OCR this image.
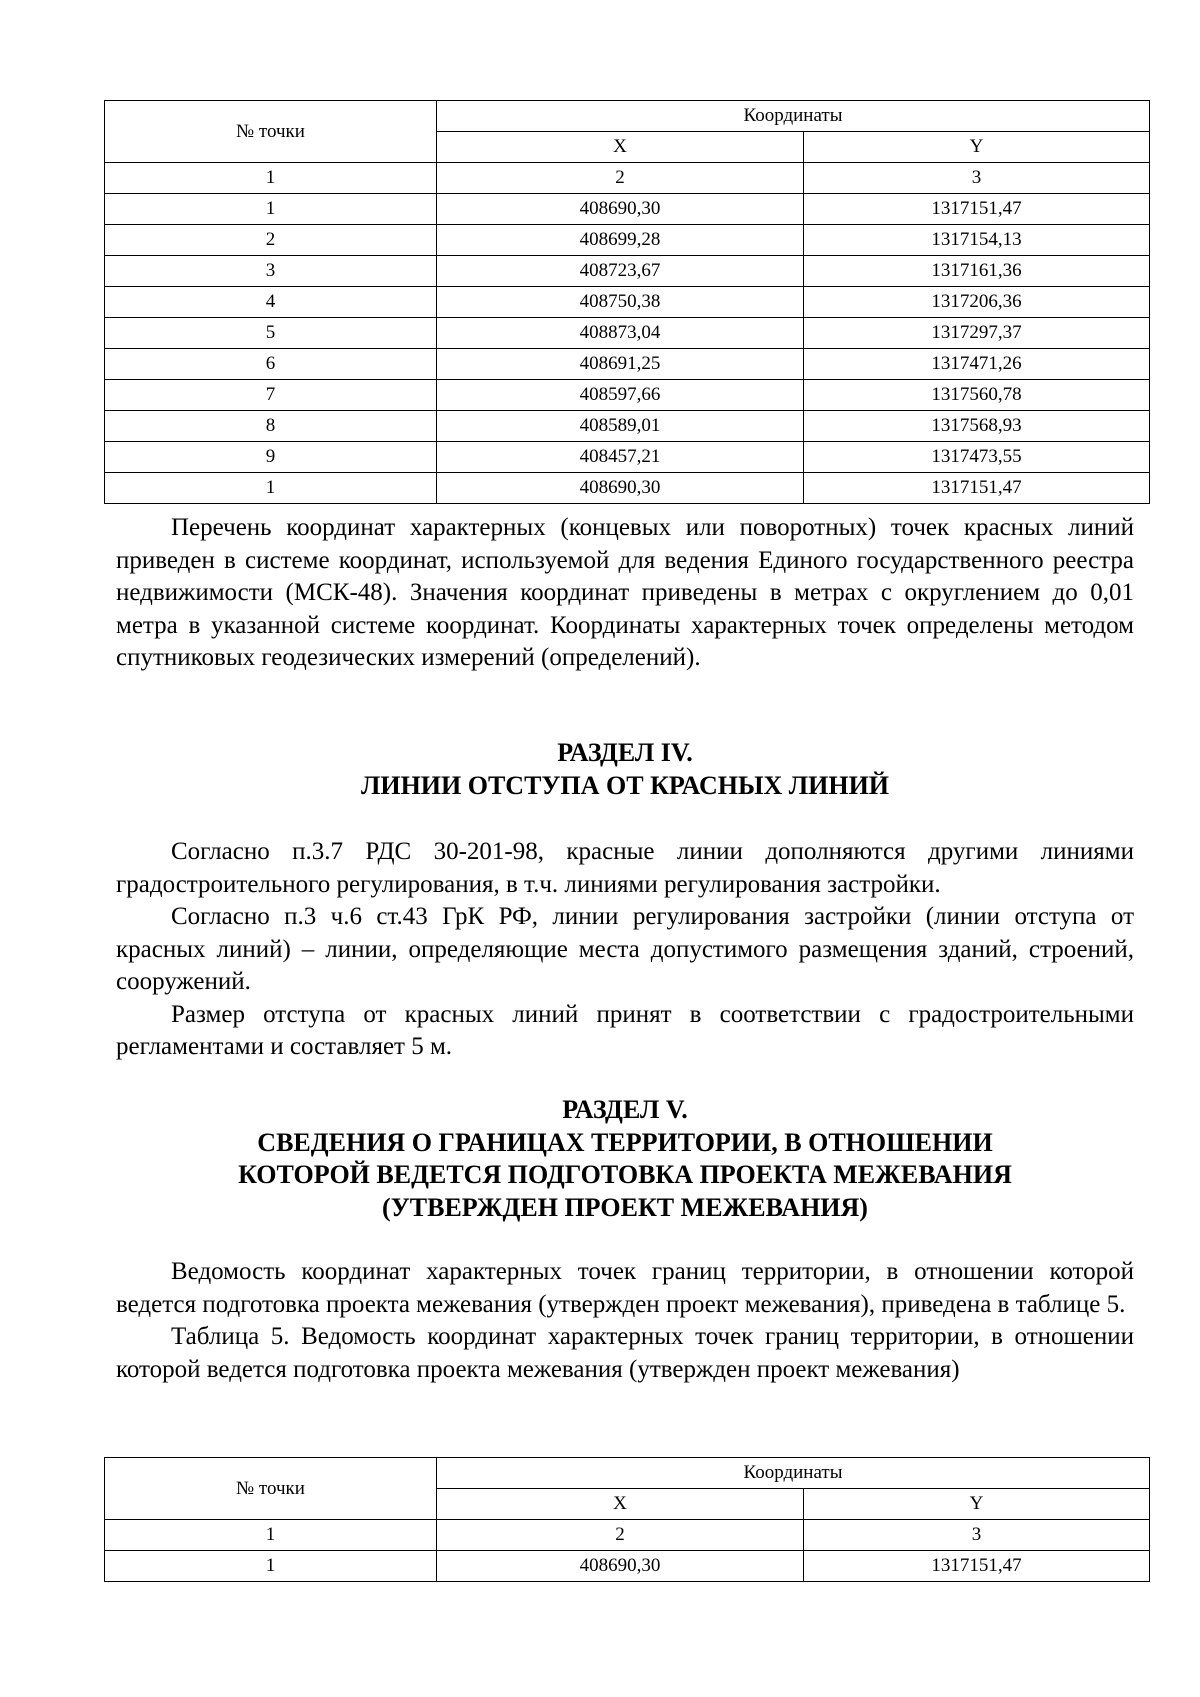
№ точки	Координаты	
	X	Y
1	2	3
1	408690,30	1317151,47
2	408699,28	1317154,13
3	408723,67	1317161,36
4	408750,38	1317206,36
5	408873,04	1317297,37
6	408691,25	1317471,26
7	408597,66	1317560,78
8	408589,01	1317568,93
9	408457,21	1317473,55
1	408690,30	1317151,47

Перечень координат характерных (концевых или поворотных) точек красных линий приведен в системе координат, используемой для ведения Единого государственного реестра недвижимости (МСК-48). Значения координат приведены в метрах с округлением до 0,01 метра в указанной системе координат. Координаты характерных точек определены методом спутниковых геодезических измерений (определений).

РАЗДЕЛ IV.
ЛИНИИ ОТСТУПА ОТ КРАСНЫХ ЛИНИЙ

Согласно п.3.7 РДС 30-201-98, красные линии дополняются другими линиями градостроительного регулирования, в т.ч. линиями регулирования застройки.

Согласно п.3 ч.6 ст.43 ГрК РФ, линии регулирования застройки (линии отступа от красных линий) – линии, определяющие места допустимого размещения зданий, строений, сооружений.

Размер отступа от красных линий принят в соответствии с градостроительными регламентами и составляет 5 м.

РАЗДЕЛ V.
СВЕДЕНИЯ О ГРАНИЦАХ ТЕРРИТОРИИ, В ОТНОШЕНИИ
КОТОРОЙ ВЕДЕТСЯ ПОДГОТОВКА ПРОЕКТА МЕЖЕВАНИЯ
(УТВЕРЖДЕН ПРОЕКТ МЕЖЕВАНИЯ)

Ведомость координат характерных точек границ территории, в отношении которой ведется подготовка проекта межевания (утвержден проект межевания), приведена в таблице 5.

Таблица 5. Ведомость координат характерных точек границ территории, в отношении которой ведется подготовка проекта межевания (утвержден проект межевания)

№ точки	Координаты	
	X	Y
1	2	3
1	408690,30	1317151,47
